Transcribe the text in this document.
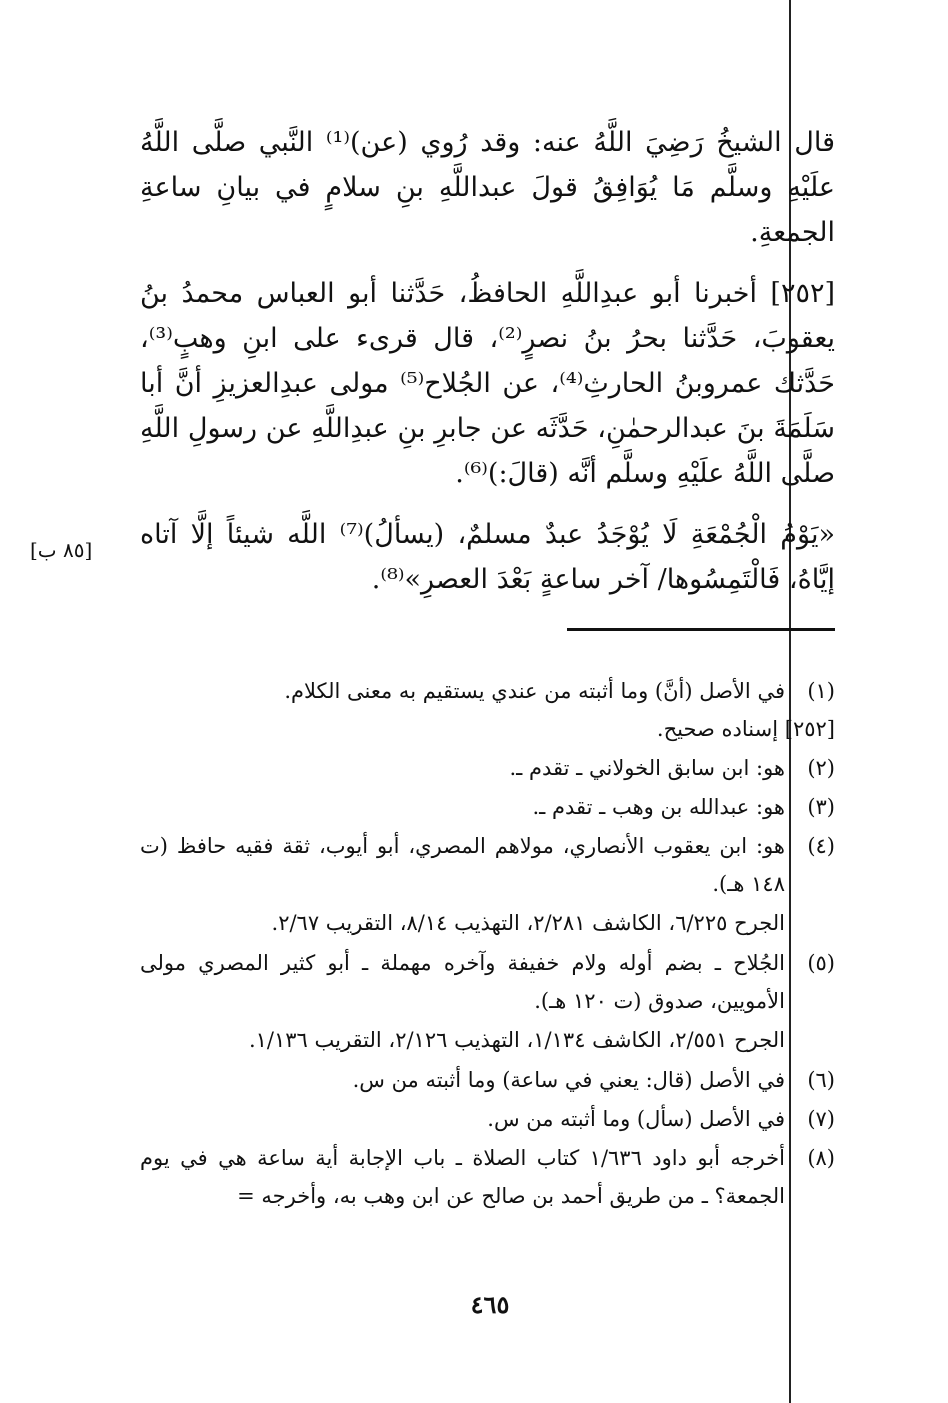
قال الشيخُ رَضِيَ اللَّهُ عنه: وقد رُوي (عن)⁽¹⁾ النَّبي صلَّى اللَّهُ علَيْهِ وسلَّم مَا يُوَافِقُ قولَ عبداللَّهِ بنِ سلامٍ في بيانِ ساعةِ الجمعةِ.

[٢٥٢] أخبرنا أبو عبدِاللَّهِ الحافظُ، حَدَّثنا أبو العباس محمدُ بنُ يعقوبَ، حَدَّثنا بحرُ بنُ نصرٍ⁽²⁾، قال قرىء على ابنِ وهبٍ⁽³⁾، حَدَّثك عمروبنُ الحارثِ⁽⁴⁾، عن الجُلاح⁽⁵⁾ مولى عبدِالعزيزِ أنَّ أبا سَلَمَةَ بنَ عبدالرحمٰنِ، حَدَّثَه عن جابرِ بنِ عبدِاللَّهِ عن رسولِ اللَّهِ صلَّى اللَّهُ علَيْهِ وسلَّم أنَّه (قالَ:)⁽⁶⁾.

«يَوْمُ الْجُمْعَةِ لَا يُوْجَدُ عبدٌ مسلمٌ، (يسألُ)⁽⁷⁾ اللَّه شيئاً إلَّا آتاه إيَّاهُ، فَالْتَمِسُوها/ آخر ساعةٍ بَعْدَ العصرِ»⁽⁸⁾.

[٨٥ ب]
(١)
في الأصل (أنَّ) وما أثبته من عندي يستقيم به معنى الكلام.
[٢٥٢] إسناده صحيح.
(٢)
هو: ابن سابق الخولاني ـ تقدم ـ.
(٣)
هو: عبدالله بن وهب ـ تقدم ـ.
(٤)
هو: ابن يعقوب الأنصاري، مولاهم المصري، أبو أيوب، ثقة فقيه حافظ (ت ١٤٨ هـ).
الجرح ٦/٢٢٥، الكاشف ٢/٢٨١، التهذيب ٨/١٤، التقريب ٢/٦٧.
(٥)
الجُلاح ـ بضم أوله ولام خفيفة وآخره مهملة ـ أبو كثير المصري مولى الأمويين، صدوق (ت ١٢٠ هـ).
الجرح ٢/٥٥١، الكاشف ١/١٣٤، التهذيب ٢/١٢٦، التقريب ١/١٣٦.
(٦)
في الأصل (قال: يعني في ساعة) وما أثبته من س.
(٧)
في الأصل (سأل) وما أثبته من س.
(٨)
أخرجه أبو داود ١/٦٣٦ كتاب الصلاة ـ باب الإجابة أية ساعة هي في يوم الجمعة؟ ـ من طريق أحمد بن صالح عن ابن وهب به، وأخرجه =
٤٦٥
